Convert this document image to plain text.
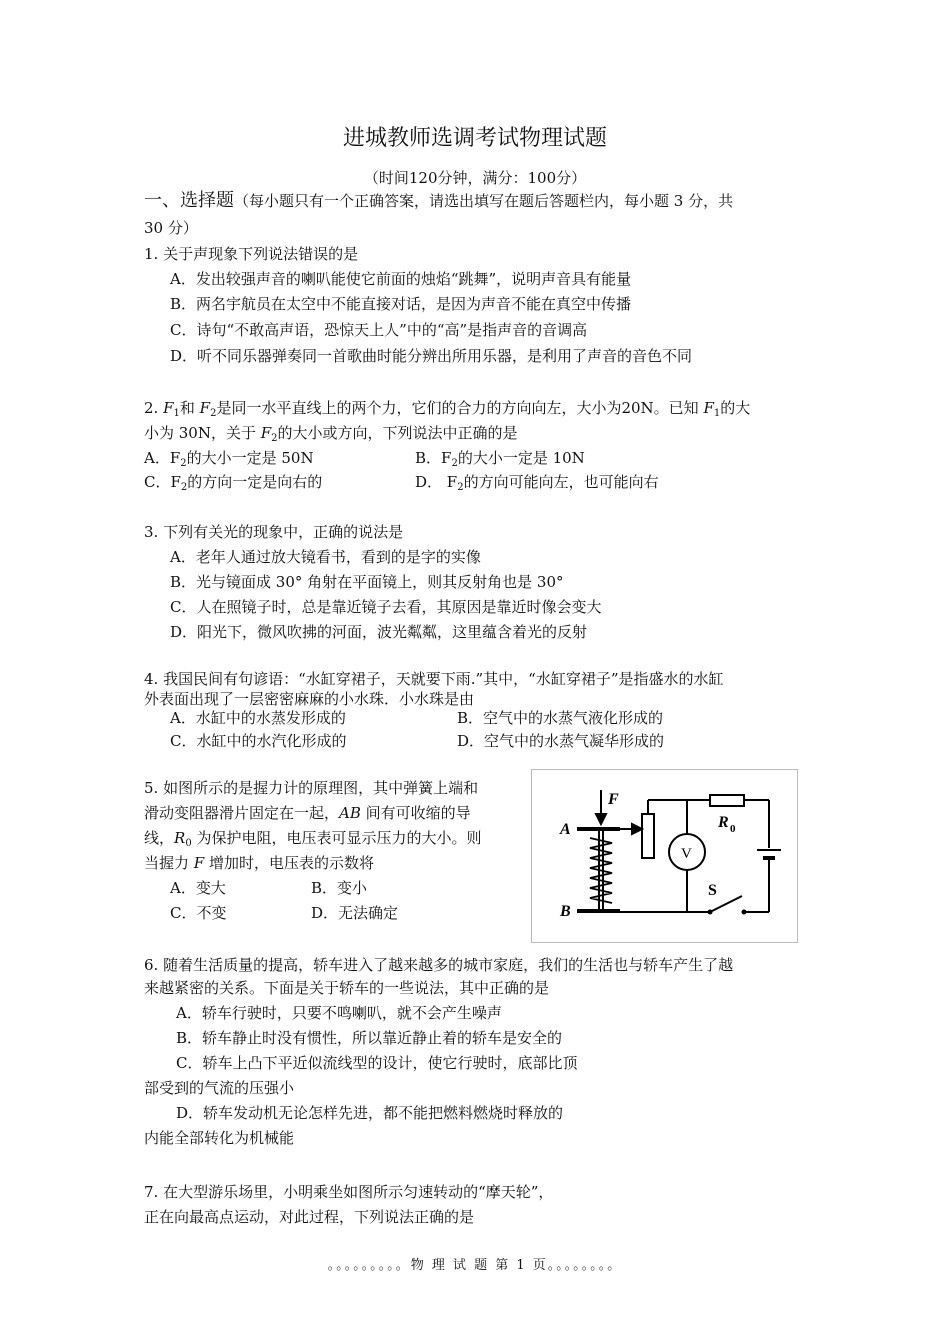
进城教师选调考试物理试题
（时间120分钟，满分：100分）
一、选择题（每小题只有一个正确答案，请选出填写在题后答题栏内，每小题 3 分，共
30 分）
1. 关于声现象下列说法错误的是
A．发出较强声音的喇叭能使它前面的烛焰“跳舞”，说明声音具有能量
B．两名宇航员在太空中不能直接对话，是因为声音不能在真空中传播
C．诗句“不敢高声语，恐惊天上人”中的“高”是指声音的音调高
D．听不同乐器弹奏同一首歌曲时能分辨出所用乐器，是利用了声音的音色不同
2. $F_1$和 $F_2$是同一水平直线上的两个力，它们的合力的方向向左，大小为20N。已知 $F_1$的大
小为 30N，关于 $F_2$的大小或方向，下列说法中正确的是
A．$F_2$的大小一定是 50N	B．$F_2$的大小一定是 10N
C．$F_2$的方向一定是向右的	D． $F_2$的方向可能向左，也可能向右
3. 下列有关光的现象中，正确的说法是
A．老年人通过放大镜看书，看到的是字的实像
B．光与镜面成 30° 角射在平面镜上，则其反射角也是 30°
C．人在照镜子时，总是靠近镜子去看，其原因是靠近时像会变大
D．阳光下，微风吹拂的河面，波光粼粼，这里蕴含着光的反射
4. 我国民间有句谚语：“水缸穿裙子，天就要下雨.”其中，“水缸穿裙子”是指盛水的水缸
外表面出现了一层密密麻麻的小水珠．小水珠是由
A．水缸中的水蒸发形成的	B．空气中的水蒸气液化形成的
C．水缸中的水汽化形成的	D．空气中的水蒸气凝华形成的
5. 如图所示的是握力计的原理图，其中弹簧上端和
滑动变阻器滑片固定在一起，AB 间有可收缩的导
线，$R_0$ 为保护电阻，电压表可显示压力的大小。则
当握力 F 增加时，电压表的示数将
A．变大	B．变小
C．不变	D．无法确定
F
A
B
R 0
V
S
6. 随着生活质量的提高，轿车进入了越来越多的城市家庭，我们的生活也与轿车产生了越
来越紧密的关系。下面是关于轿车的一些说法，其中正确的是
A．轿车行驶时，只要不鸣喇叭，就不会产生噪声
B．轿车静止时没有惯性，所以靠近静止着的轿车是安全的
C．轿车上凸下平近似流线型的设计，使它行驶时，底部比顶
部受到的气流的压强小
D．轿车发动机无论怎样先进，都不能把燃料燃烧时释放的
内能全部转化为机械能
7. 在大型游乐场里，小明乘坐如图所示匀速转动的“摩天轮”，
正在向最高点运动，对此过程，下列说法正确的是
。。。。。。。。。物 理 试 题 第 1 页。。。。。。。。
